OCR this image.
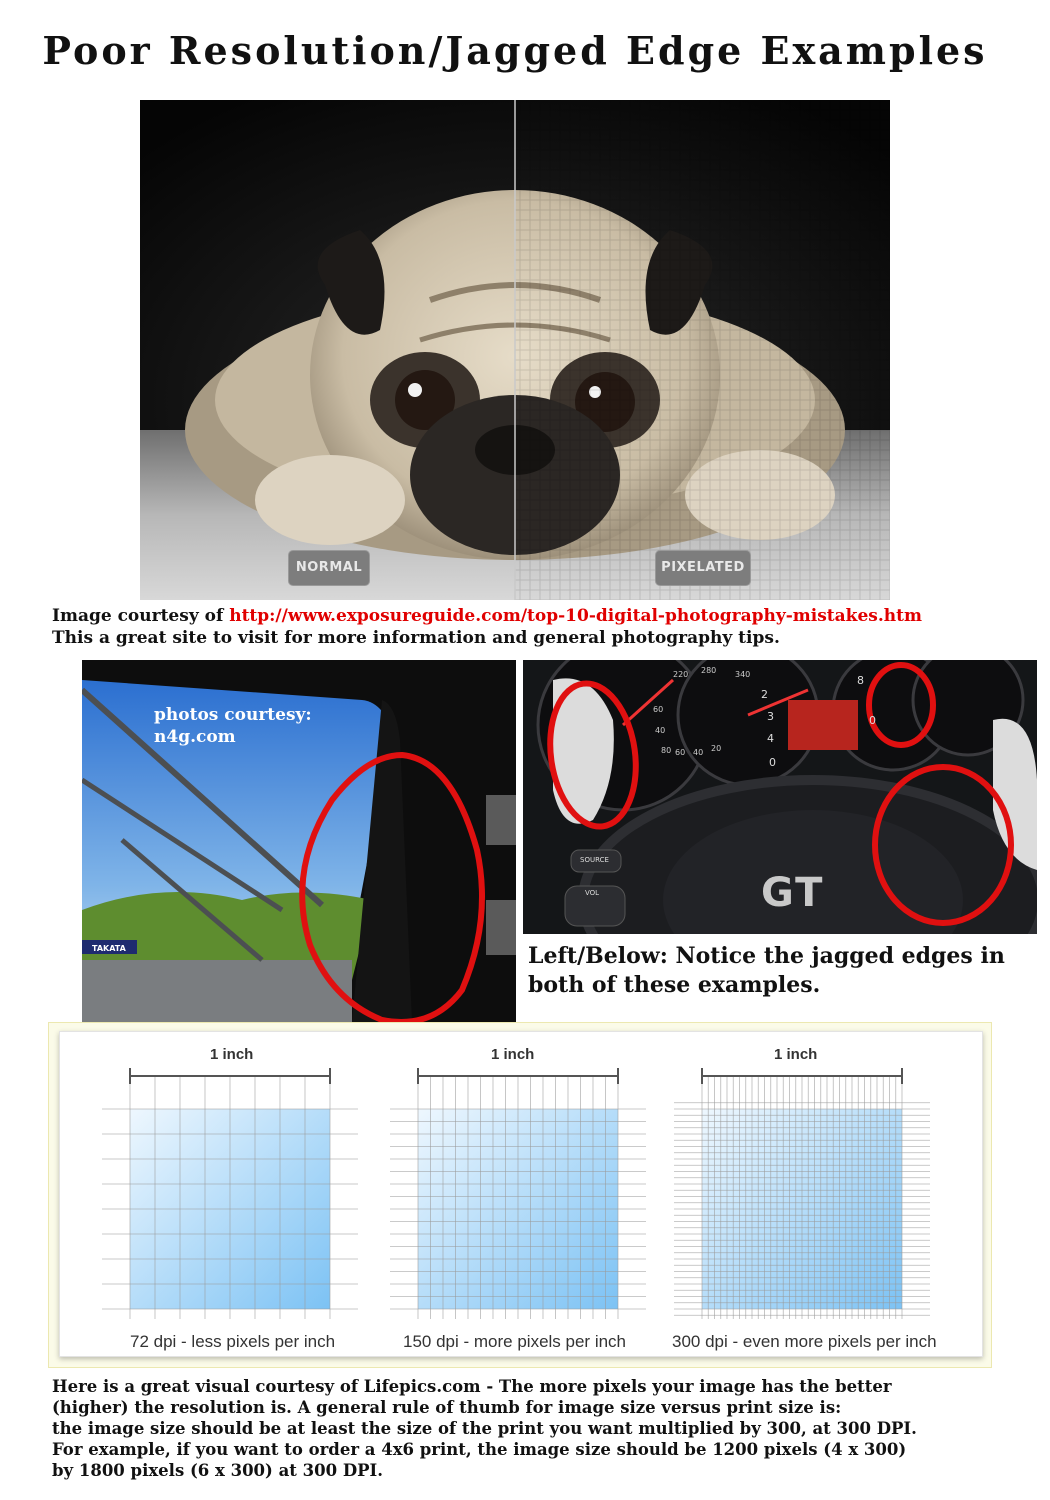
Poor Resolution/Jagged Edge Examples
NORMAL	PIXELATED
Image courtesy of http://www.exposureguide.com/top-10-digital-photography-mistakes.htm
This a great site to visit for more information and general photography tips.
photos courtesy:
n4g.com
TAKATA
GT
SOURCE
VOL
220 280 340
2
3
4
60
40
80 60 40 20
0
8
0
Left/Below: Notice the jagged edges in
both of these examples.
1 inch	1 inch	1 inch
72 dpi - less pixels per inch	150 dpi - more pixels per inch	300 dpi - even more pixels per inch
Here is a great visual courtesy of Lifepics.com - The more pixels your image has the better
(higher) the resolution is. A general rule of thumb for image size versus print size is:
the image size should be at least the size of the print you want multiplied by 300, at 300 DPI.
For example, if you want to order a 4x6 print, the image size should be 1200 pixels (4 x 300)
by 1800 pixels (6 x 300) at 300 DPI.
